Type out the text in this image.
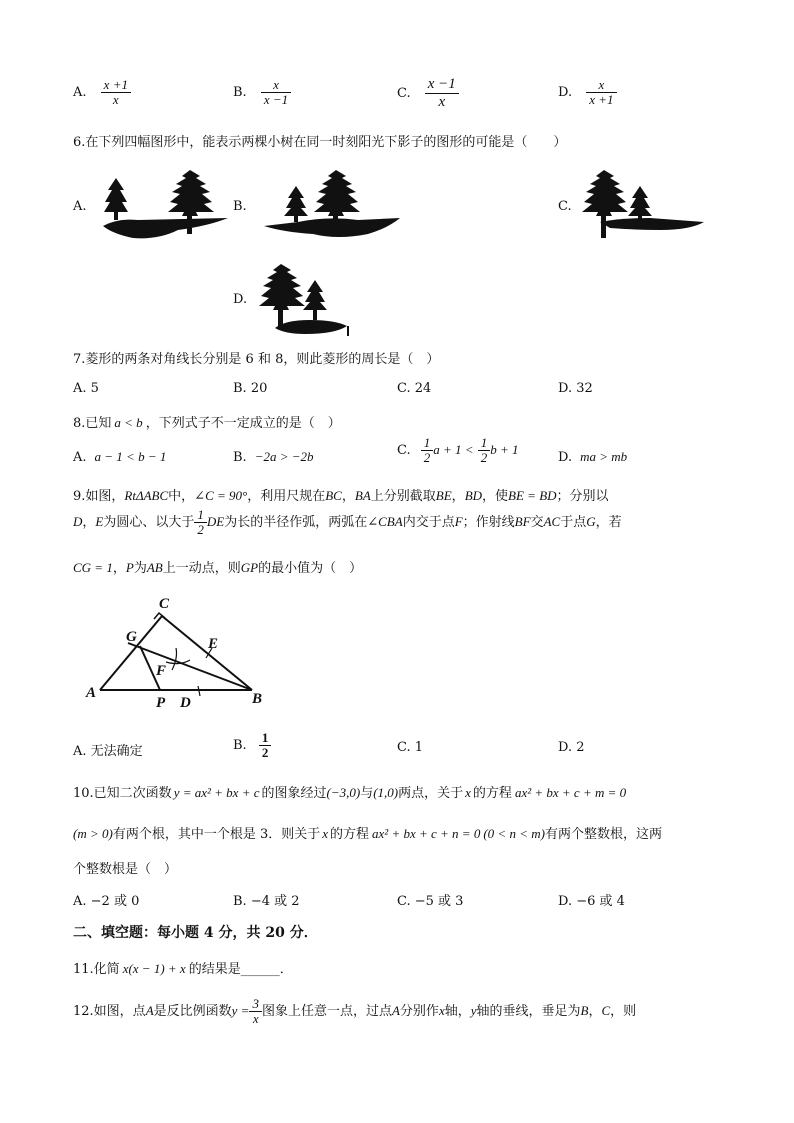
A. $\frac{x +1}{x}$	B. $\frac{x}{x -1}$	C. $\frac{x -1}{x}$	D. $\frac{x}{x +1}$
6.在下列四幅图形中，能表示两棵小树在同一时刻阳光下影子的图形的可能是（　　）
A.	B.	C.
D.
7.菱形的两条对角线长分别是 6 和 8，则此菱形的周长是（　）
A. 5	B. 20	C. 24	D. 32
8.已知 a < b ，下列式子不一定成立的是（　）
A. a − 1 < b − 1	B. −2a > −2b	C. $\frac{1}{2}$ $a + 1 < \frac{1}{2}$ b + 1
D. ma > mb
9.如图，RtΔABC中，∠C = 90°，利用尺规在BC，BA上分别截取BE，BD，使BE = BD；分别以
D，E为圆心、以大于 $\frac{1}{2}$ DE为长的半径作弧，两弧在∠CBA内交于点F；作射线BF交AC于点G，若
CG = 1，P为AB上一动点，则GP的最小值为（　）
C
G	E
F
A
P D	B
A. 无法确定	B. $\frac{1}{2}$	C. 1	D. 2
10.已知二次函数 y = ax² + bx + c 的图象经过(−3,0)与(1,0)两点，关于 x 的方程 ax² + bx + c + m = 0
(m > 0)有两个根，其中一个根是 3．则关于 x 的方程 ax² + bx + c + n = 0 (0 < n < m)有两个整数根，这两
个整数根是（　）
A. −2 或 0	B. −4 或 2	C. −5 或 3	D. −6 或 4
二、填空题：每小题 4 分，共 20 分．
11.化简 x(x − 1) + x 的结果是______．
12.如图，点A是反比例函数$y = \frac{3}{x}$ 图象上任意一点，过点A分别作x轴，y轴的垂线，垂足为B，C，则
